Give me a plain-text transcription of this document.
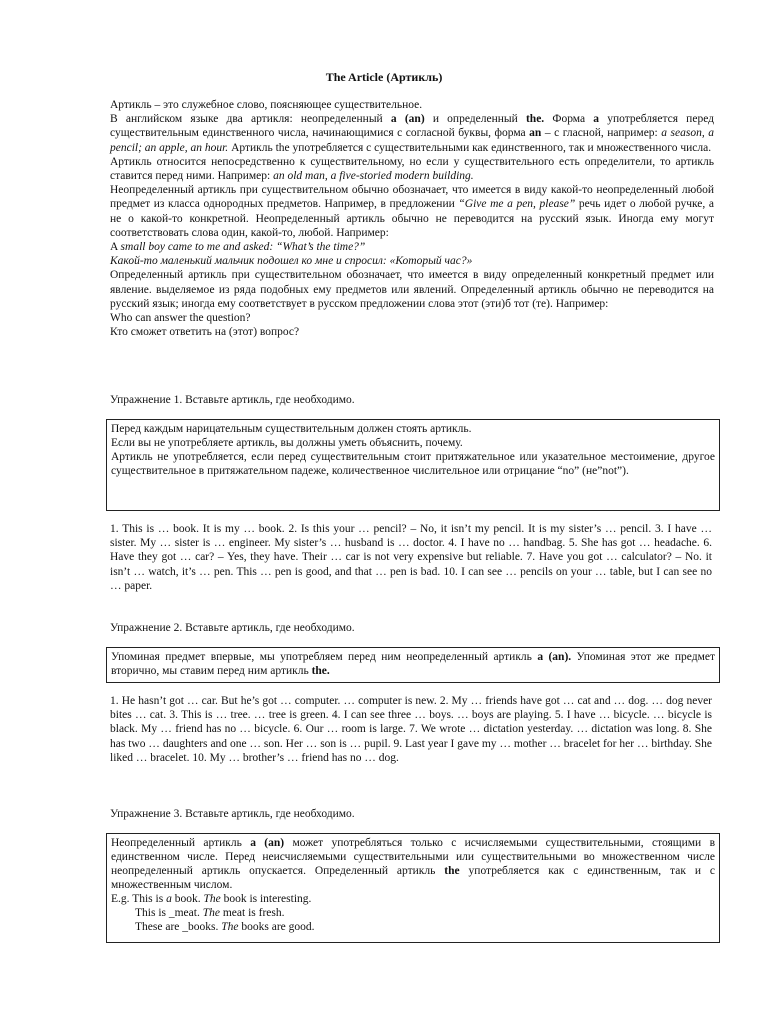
The Article (Артикль)

Артикль – это служебное слово, поясняющее существительное.

В английском языке два артикля: неопределенный a (an) и определенный the. Форма a употребляется перед существительным единственного числа, начинающимися с согласной буквы, форма an – с гласной, например: a season, a pencil; an apple, an hour. Артикль the употребляется с существительными как единственного, так и множественного числа.

Артикль относится непосредственно к существительному, но если у существительного есть определители, то артикль ставится перед ними. Например: an old man, a five-storied modern building.

Неопределенный артикль при существительном обычно обозначает, что имеется в виду какой-то неопределенный любой предмет из класса однородных предметов. Например, в предложении “Give me a pen, please” речь идет о любой ручке, а не о какой-то конкретной. Неопределенный артикль обычно не переводится на русский язык. Иногда ему могут соответствовать слова один, какой-то, любой. Например:

A small boy came to me and asked: “What’s the time?”

Какой-то маленький мальчик подошел ко мне и спросил: «Который час?»

Определенный артикль при существительном обозначает, что имеется в виду определенный конкретный предмет или явление. выделяемое из ряда подобных ему предметов или явлений. Определенный артикль обычно не переводится на русский язык; иногда ему соответствует в русском предложении слова этот (эти)б тот (те). Например:

Who can answer the question?

Кто сможет ответить на (этот) вопрос?

Упражнение 1. Вставьте артикль, где необходимо.

Перед каждым нарицательным существительным должен стоять артикль.

Если вы не употребляете артикль, вы должны уметь объяснить, почему.

Артикль не употребляется, если перед существительным стоит притяжательное или указательное местоимение, другое существительное в притяжательном падеже, количественное числительное или отрицание “no” (не”not”).

1. This is … book. It is my … book. 2. Is this your … pencil? – No, it isn’t my pencil. It is my sister’s … pencil. 3. I have … sister. My … sister is … engineer. My sister’s … husband is … doctor. 4. I have no … handbag. 5. She has got … headache. 6. Have they got … car? – Yes, they have. Their … car is not very expensive but reliable. 7. Have you got … calculator? – No. it isn’t … watch, it’s … pen. This … pen is good, and that … pen is bad. 10. I can see … pencils on your … table, but I can see no … paper.
Упражнение 2. Вставьте артикль, где необходимо.

Упоминая предмет впервые, мы употребляем перед ним неопределенный артикль a (an). Упоминая этот же предмет вторично, мы ставим перед ним артикль the.

1. He hasn’t got … car. But he’s got … computer. … computer is new. 2. My … friends have got … cat and … dog. … dog never bites … cat. 3. This is … tree. … tree is green. 4. I can see three … boys. … boys are playing. 5. I have … bicycle. … bicycle is black. My … friend has no … bicycle. 6. Our … room is large. 7. We wrote … dictation yesterday. … dictation was long. 8. She has two … daughters and one … son. Her … son is … pupil. 9. Last year I gave my … mother … bracelet for her … birthday. She liked … bracelet. 10. My … brother’s … friend has no … dog.
Упражнение 3. Вставьте артикль, где необходимо.

Неопределенный артикль a (an) может употребляться только с исчисляемыми существительными, стоящими в единственном числе. Перед неисчисляемыми существительными или существительными во множественном числе неопределенный артикль опускается. Определенный артикль the употребляется как с единственным, так и с множественным числом.

E.g. This is a book. The book is interesting.

This is _meat. The meat is fresh.

These are _books. The books are good.
